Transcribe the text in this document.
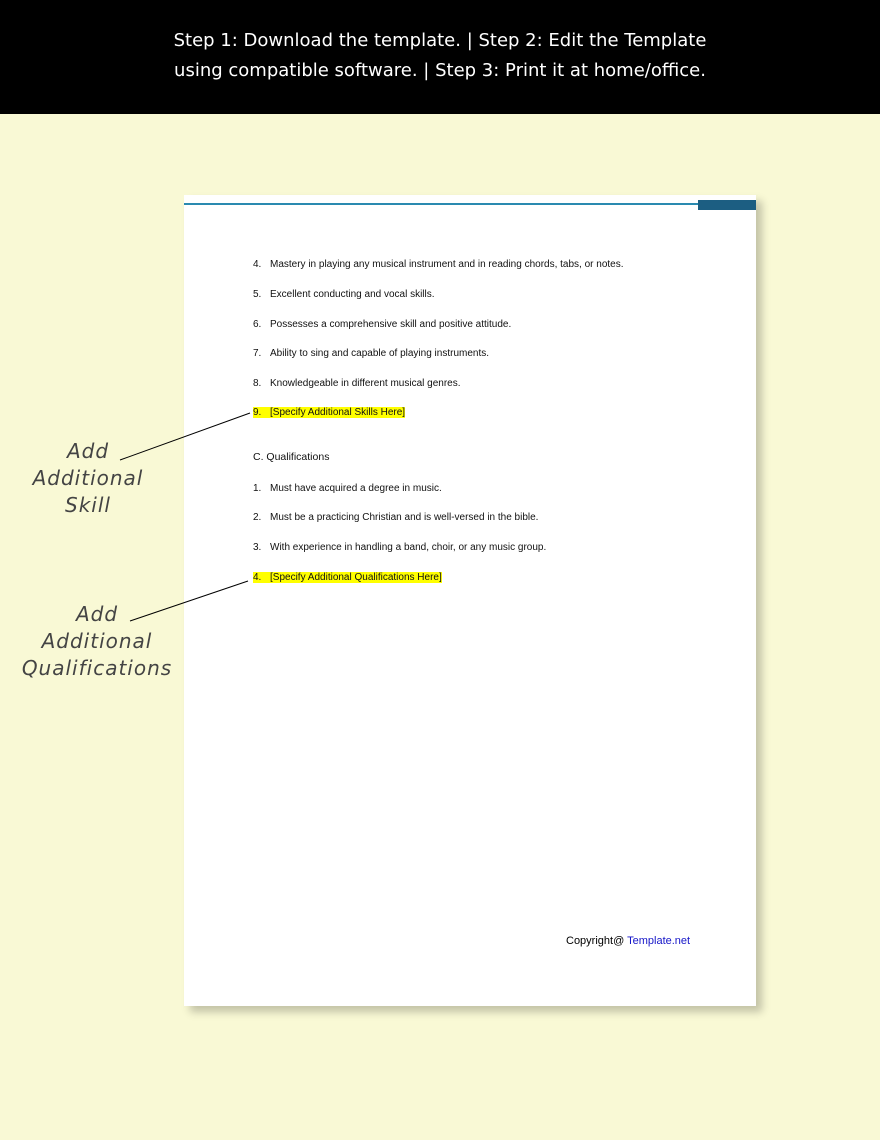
Step 1: Download the template. | Step 2: Edit the Template
using compatible software. | Step 3: Print it at home/office.
4. Mastery in playing any musical instrument and in reading chords, tabs, or notes.
5. Excellent conducting and vocal skills.
6. Possesses a comprehensive skill and positive attitude.
7. Ability to sing and capable of playing instruments.
8. Knowledgeable in different musical genres.
9. [Specify Additional Skills Here]
C. Qualifications
1. Must have acquired a degree in music.
2. Must be a practicing Christian and is well-versed in the bible.
3. With experience in handling a band, choir, or any music group.
4. [Specify Additional Qualifications Here]
Copyright@ Template.net
Add
Additional
Skill
Add
Additional
Qualifications
